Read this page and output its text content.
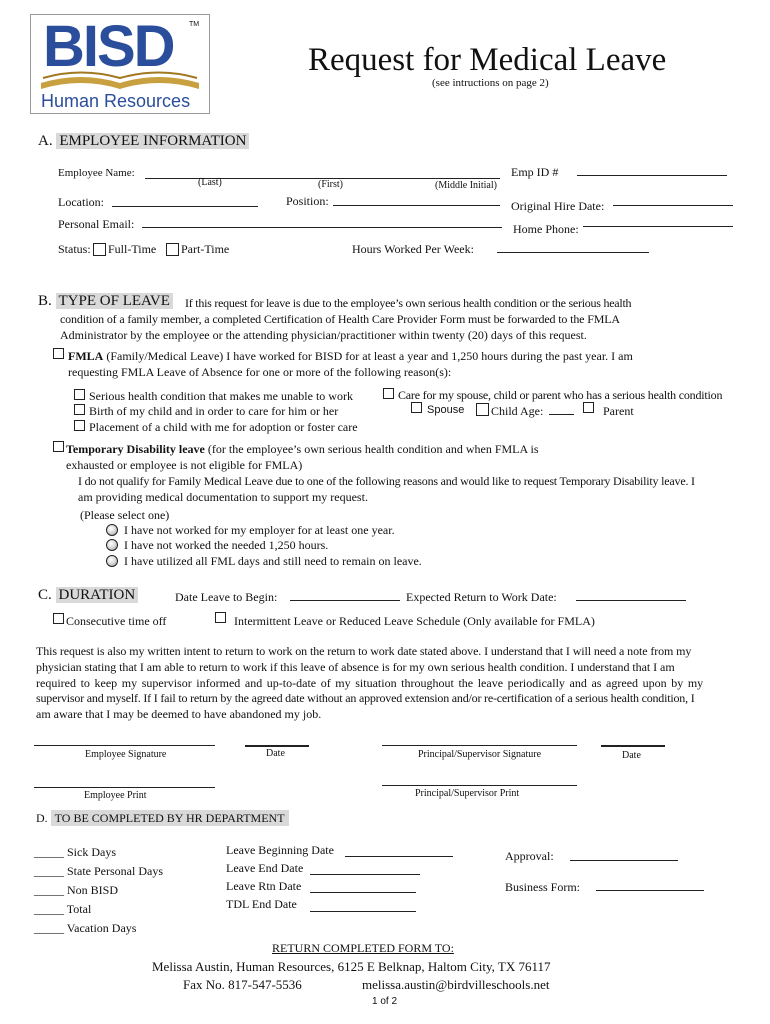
BISD TM
Human Resources
Request for Medical Leave
(see intructions on page 2)
A. EMPLOYEE INFORMATION
Employee Name:
(Last)	(First)	(Middle Initial)
Emp ID #
Location:	Position:	Original Hire Date:
Personal Email:	Home Phone:
Status: Full-Time Part-Time	Hours Worked Per Week:
B. TYPE OF LEAVE If this request for leave is due to the employee’s own serious health condition or the serious health
condition of a family member, a completed Certification of Health Care Provider Form must be forwarded to the FMLA
Administrator by the employee or the attending physician/practitioner within twenty (20) days of this request.
FMLA (Family/Medical Leave) I have worked for BISD for at least a year and 1,250 hours during the past year. I am
requesting FMLA Leave of Absence for one or more of the following reason(s):
Serious health condition that makes me unable to work
Birth of my child and in order to care for him or her
Placement of a child with me for adoption or foster care
Care for my spouse, child or parent who has a serious health condition
Spouse Child Age:	Parent
Temporary Disability leave (for the employee’s own serious health condition and when FMLA is
exhausted or employee is not eligible for FMLA)
I do not qualify for Family Medical Leave due to one of the following reasons and would like to request Temporary Disability leave. I
am providing medical documentation to support my request.
(Please select one)
I have not worked for my employer for at least one year.
I have not worked the needed 1,250 hours.
I have utilized all FML days and still need to remain on leave.
C. DURATION	Date Leave to Begin:	Expected Return to Work Date:
Consecutive time off	Intermittent Leave or Reduced Leave Schedule (Only available for FMLA)
This request is also my written intent to return to work on the return to work date stated above. I understand that I will need a note from my
physician stating that I am able to return to work if this leave of absence is for my own serious health condition. I understand that I am
required to keep my supervisor informed and up-to-date of my situation throughout the leave periodically and as agreed upon by my
supervisor and myself. If I fail to return by the agreed date without an approved extension and/or re-certification of a serious health condition, I
am aware that I may be deemed to have abandoned my job.
Employee Signature	Date	Principal/Supervisor Signature	Date
Employee Print	Principal/Supervisor Print
D. TO BE COMPLETED BY HR DEPARTMENT
_____ Sick Days
_____ State Personal Days
_____ Non BISD
_____ Total
_____ Vacation Days
Leave Beginning Date
Leave End Date
Leave Rtn Date
TDL End Date
Approval:
Business Form:
RETURN COMPLETED FORM TO:
Melissa Austin, Human Resources, 6125 E Belknap, Haltom City, TX 76117
Fax No. 817-547-5536	melissa.austin@birdvilleschools.net
1 of 2
